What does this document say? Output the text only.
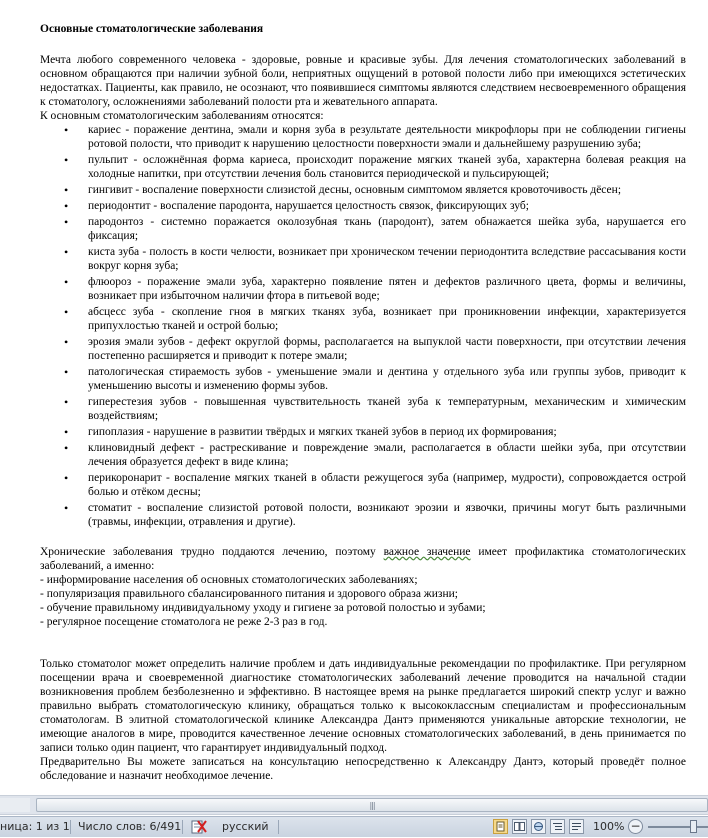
Основные стоматологические заболевания

Мечта любого современного человека - здоровые, ровные и красивые зубы. Для лечения стоматологических заболеваний в основном обращаются при наличии зубной боли, неприятных ощущений в ротовой полости либо при имеющихся эстетических недостатках. Пациенты, как правило, не осознают, что появившиеся симптомы являются следствием несвоевременного обращения к стоматологу, осложнениями заболеваний полости рта и жевательного аппарата.

К основным стоматологическим заболеваниям относятся:

• кариес - поражение дентина, эмали и корня зуба в результате деятельности микрофлоры при не соблюдении гигиены ротовой полости, что приводит к нарушению целостности поверхности эмали и дальнейшему разрушению зуба;
• пульпит - осложнённая форма кариеса, происходит поражение мягких тканей зуба, характерна болевая реакция на холодные напитки, при отсутствии лечения боль становится периодической и пульсирующей;
• гингивит - воспаление поверхности слизистой десны, основным симптомом является кровоточивость дёсен;
• периодонтит - воспаление пародонта, нарушается целостность связок, фиксирующих зуб;
• пародонтоз - системно поражается околозубная ткань (пародонт), затем обнажается шейка зуба, нарушается его фиксация;
• киста зуба - полость в кости челюсти, возникает при хроническом течении периодонтита вследствие рассасывания кости вокруг корня зуба;
• флюороз - поражение эмали зуба, характерно появление пятен и дефектов различного цвета, формы и величины, возникает при избыточном наличии фтора в питьевой воде;
• абсцесс зуба - скопление гноя в мягких тканях зуба, возникает при проникновении инфекции, характеризуется припухлостью тканей и острой болью;
• эрозия эмали зубов - дефект округлой формы, располагается на выпуклой части поверхности, при отсутствии лечения постепенно расширяется и приводит к потере эмали;
• патологическая стираемость зубов - уменьшение эмали и дентина у отдельного зуба или группы зубов, приводит к уменьшению высоты и изменению формы зубов.
• гиперестезия зубов - повышенная чувствительность тканей зуба к температурным, механическим и химическим воздействиям;
• гипоплазия - нарушение в развитии твёрдых и мягких тканей зубов в период их формирования;
• клиновидный дефект - растрескивание и повреждение эмали, располагается в области шейки зуба, при отсутствии лечения образуется дефект в виде клина;
• перикоронарит - воспаление мягких тканей в области режущегося зуба (например, мудрости), сопровождается острой болью и отёком десны;
• стоматит - воспаление слизистой ротовой полости, возникают эрозии и язвочки, причины могут быть различными (травмы, инфекции, отравления и другие).

Хронические заболевания трудно поддаются лечению, поэтому важное значение имеет профилактика стоматологических заболеваний, а именно:

- информирование населения об основных стоматологических заболеваниях;

- популяризация правильного сбалансированного питания и здорового образа жизни;

- обучение правильному индивидуальному уходу и гигиене за ротовой полостью и зубами;

- регулярное посещение стоматолога не реже 2-3 раз в год.

Только стоматолог может определить наличие проблем и дать индивидуальные рекомендации по профилактике. При регулярном посещении врача и своевременной диагностике стоматологических заболеваний лечение проводится на начальной стадии возникновения проблем безболезненно и эффективно. В настоящее время на рынке предлагается широкий спектр услуг и важно правильно выбрать стоматологическую клинику, обращаться только к высококлассным специалистам и профессиональным стоматологам. В элитной стоматологической клинике Александра Дантэ применяются уникальные авторские технологии, не имеющие аналогов в мире, проводится качественное лечение основных стоматологических заболеваний, в день принимается по записи только один пациент, что гарантирует индивидуальный подход.

Предварительно Вы можете записаться на консультацию непосредственно к Александру Дантэ, который проведёт полное обследование и назначит необходимое лечение.

|||
ница: 1 из 1 Число слов: 6/491	русский	100% −
